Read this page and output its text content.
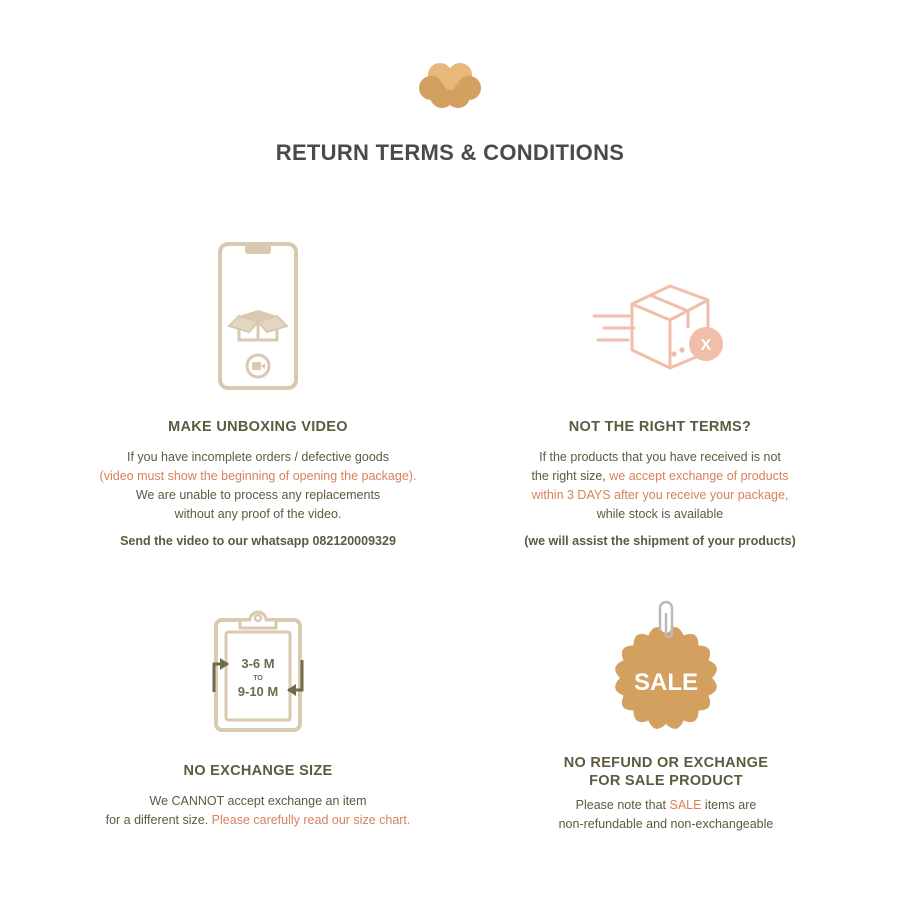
RETURN TERMS & CONDITIONS
MAKE UNBOXING VIDEO
If you have incomplete orders / defective goods
(video must show the beginning of opening the package).
We are unable to process any replacements
without any proof of the video.
Send the video to our whatsapp 082120009329
X
NOT THE RIGHT TERMS?
If the products that you have received is not
the right size, we accept exchange of products
within 3 DAYS after you receive your package,
while stock is available
(we will assist the shipment of your products)
3-6 M
TO
9-10 M
NO EXCHANGE SIZE
We CANNOT accept exchange an item
for a different size. Please carefully read our size chart.
SALE
NO REFUND OR EXCHANGE
FOR SALE PRODUCT
Please note that SALE items are
non-refundable and non-exchangeable
